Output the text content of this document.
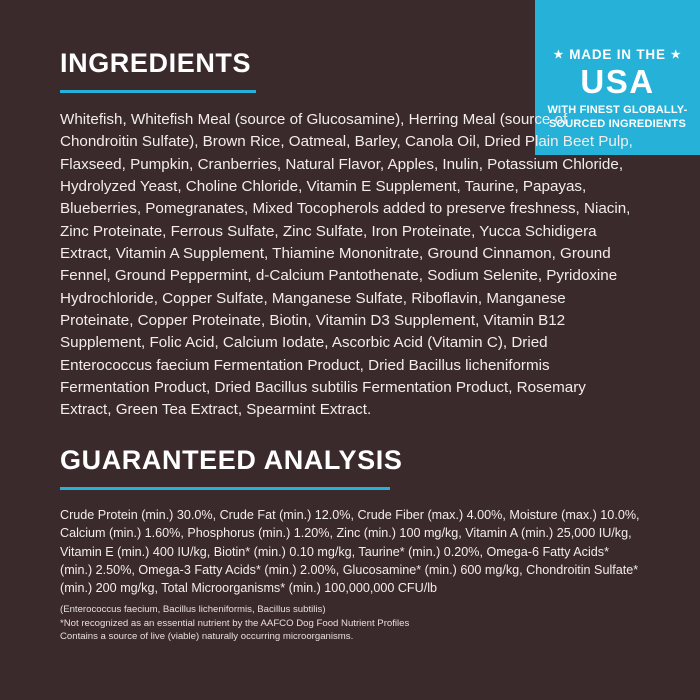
★ MADE IN THE ★
USA
WITH FINEST GLOBALLY-SOURCED INGREDIENTS
INGREDIENTS

Whitefish, Whitefish Meal (source of Glucosamine), Herring Meal (source of Chondroitin Sulfate), Brown Rice, Oatmeal, Barley, Canola Oil, Dried Plain Beet Pulp, Flaxseed, Pumpkin, Cranberries, Natural Flavor, Apples, Inulin, Potassium Chloride, Hydrolyzed Yeast, Choline Chloride, Vitamin E Supplement, Taurine, Papayas, Blueberries, Pomegranates, Mixed Tocopherols added to preserve freshness, Niacin, Zinc Proteinate, Ferrous Sulfate, Zinc Sulfate, Iron Proteinate, Yucca Schidigera Extract, Vitamin A Supplement, Thiamine Mononitrate, Ground Cinnamon, Ground Fennel, Ground Peppermint, d-Calcium Pantothenate, Sodium Selenite, Pyridoxine Hydrochloride, Copper Sulfate, Manganese Sulfate, Riboflavin, Manganese Proteinate, Copper Proteinate, Biotin, Vitamin D3 Supplement, Vitamin B12 Supplement, Folic Acid, Calcium Iodate, Ascorbic Acid (Vitamin C), Dried Enterococcus faecium Fermentation Product, Dried Bacillus licheniformis Fermentation Product, Dried Bacillus subtilis Fermentation Product, Rosemary Extract, Green Tea Extract, Spearmint Extract.

GUARANTEED ANALYSIS

Crude Protein (min.) 30.0%, Crude Fat (min.) 12.0%, Crude Fiber (max.) 4.00%, Moisture (max.) 10.0%, Calcium (min.) 1.60%, Phosphorus (min.) 1.20%, Zinc (min.) 100 mg/kg, Vitamin A (min.) 25,000 IU/kg, Vitamin E (min.) 400 IU/kg, Biotin* (min.) 0.10 mg/kg, Taurine* (min.) 0.20%, Omega-6 Fatty Acids* (min.) 2.50%, Omega-3 Fatty Acids* (min.) 2.00%, Glucosamine* (min.) 600 mg/kg, Chondroitin Sulfate* (min.) 200 mg/kg, Total Microorganisms* (min.) 100,000,000 CFU/lb

(Enterococcus faecium, Bacillus licheniformis, Bacillus subtilis)
*Not recognized as an essential nutrient by the AAFCO Dog Food Nutrient Profiles
Contains a source of live (viable) naturally occurring microorganisms.
